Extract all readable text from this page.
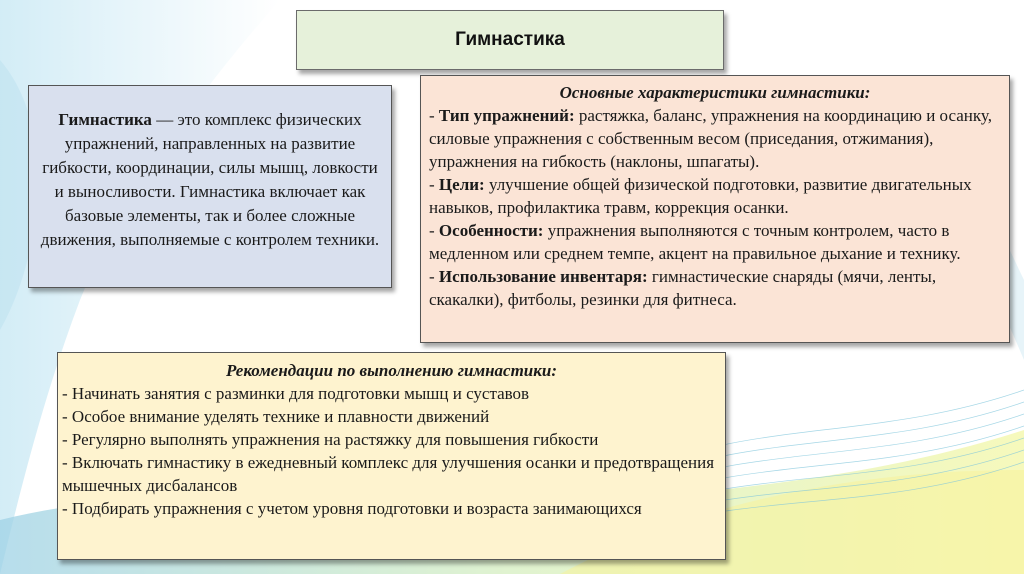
Гимнастика
Гимнастика — это комплекс физических упражнений, направленных на развитие гибкости, координации, силы мышц, ловкости и выносливости. Гимнастика включает как базовые элементы, так и более сложные движения, выполняемые с контролем техники.
Основные характеристики гимнастики:
- Тип упражнений: растяжка, баланс, упражнения на координацию и осанку, силовые упражнения с собственным весом (приседания, отжимания), упражнения на гибкость (наклоны, шпагаты).
- Цели: улучшение общей физической подготовки, развитие двигательных навыков, профилактика травм, коррекция осанки.
- Особенности: упражнения выполняются с точным контролем, часто в медленном или среднем темпе, акцент на правильное дыхание и технику.
- Использование инвентаря: гимнастические снаряды (мячи, ленты, скакалки), фитболы, резинки для фитнеса.
Рекомендации по выполнению гимнастики:
- Начинать занятия с разминки для подготовки мышц и суставов
- Особое внимание уделять технике и плавности движений
- Регулярно выполнять упражнения на растяжку для повышения гибкости
- Включать гимнастику в ежедневный комплекс для улучшения осанки и предотвращения мышечных дисбалансов
- Подбирать упражнения с учетом уровня подготовки и возраста занимающихся
